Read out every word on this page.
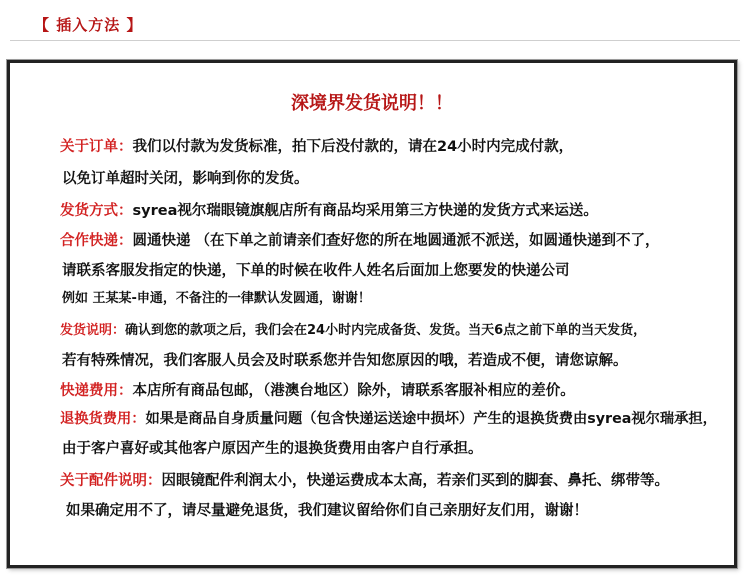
【 插入方法 】
深境界发货说明！！
关于订单：我们以付款为发货标准，拍下后没付款的，请在24小时内完成付款，
以免订单超时关闭，影响到你的发货。
发货方式：syrea视尔瑞眼镜旗舰店所有商品均采用第三方快递的发货方式来运送。
合作快递：圆通快递 （在下单之前请亲们查好您的所在地圆通派不派送，如圆通快递到不了，
请联系客服发指定的快递，下单的时候在收件人姓名后面加上您要发的快递公司
例如 王某某-申通，不备注的一律默认发圆通，谢谢！
发货说明：确认到您的款项之后，我们会在24小时内完成备货、发货。当天6点之前下单的当天发货，
若有特殊情况，我们客服人员会及时联系您并告知您原因的哦，若造成不便，请您谅解。
快递费用：本店所有商品包邮，（港澳台地区）除外，请联系客服补相应的差价。
退换货费用：如果是商品自身质量问题（包含快递运送途中损坏）产生的退换货费由syrea视尔瑞承担，
由于客户喜好或其他客户原因产生的退换货费用由客户自行承担。
关于配件说明：因眼镜配件利润太小，快递运费成本太高，若亲们买到的脚套、鼻托、绑带等。
如果确定用不了，请尽量避免退货，我们建议留给你们自己亲朋好友们用，谢谢！
